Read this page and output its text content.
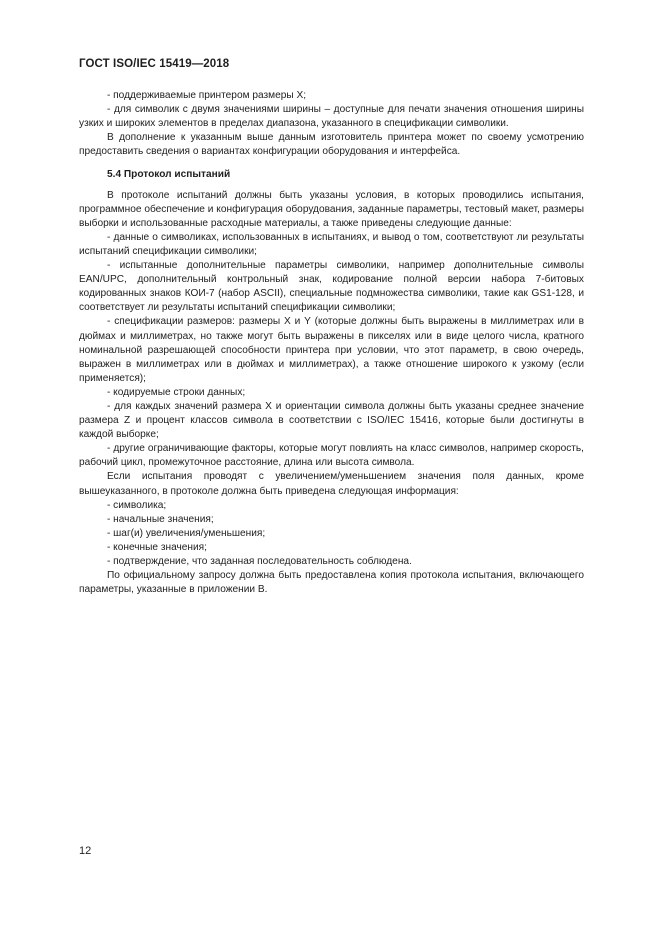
ГОСТ ISO/IEC 15419—2018

‑ поддерживаемые принтером размеры X;

‑ для символик с двумя значениями ширины – доступные для печати значения отношения ширины узких и широких элементов в пределах диапазона, указанного в спецификации символики.

В дополнение к указанным выше данным изготовитель принтера может по своему усмотрению предоставить сведения о вариантах конфигурации оборудования и интерфейса.

5.4 Протокол испытаний

В протоколе испытаний должны быть указаны условия, в которых проводились испытания, программное обеспечение и конфигурация оборудования, заданные параметры, тестовый макет, размеры выборки и использованные расходные материалы, а также приведены следующие данные:

‑ данные о символиках, использованных в испытаниях, и вывод о том, соответствуют ли результаты испытаний спецификации символики;

‑ испытанные дополнительные параметры символики, например дополнительные символы EAN/UPC, дополнительный контрольный знак, кодирование полной версии набора 7-битовых кодированных знаков КОИ-7 (набор ASCII), специальные подмножества символики, такие как GS1-128, и соответствует ли результаты испытаний спецификации символики;

‑ спецификации размеров: размеры X и Y (которые должны быть выражены в миллиметрах или в дюймах и миллиметрах, но также могут быть выражены в пикселях или в виде целого числа, кратного номинальной разрешающей способности принтера при условии, что этот параметр, в свою очередь, выражен в миллиметрах или в дюймах и миллиметрах), а также отношение широкого к узкому (если применяется);

‑ кодируемые строки данных;

‑ для каждых значений размера X и ориентации символа должны быть указаны среднее значение размера Z и процент классов символа в соответствии с ISO/IEC 15416, которые были достигнуты в каждой выборке;

‑ другие ограничивающие факторы, которые могут повлиять на класс символов, например скорость, рабочий цикл, промежуточное расстояние, длина или высота символа.

Если испытания проводят с увеличением/уменьшением значения поля данных, кроме вышеуказанного, в протоколе должна быть приведена следующая информация:

‑ символика;

‑ начальные значения;

‑ шаг(и) увеличения/уменьшения;

‑ конечные значения;

‑ подтверждение, что заданная последовательность соблюдена.

По официальному запросу должна быть предоставлена копия протокола испытания, включающего параметры, указанные в приложении В.

12
